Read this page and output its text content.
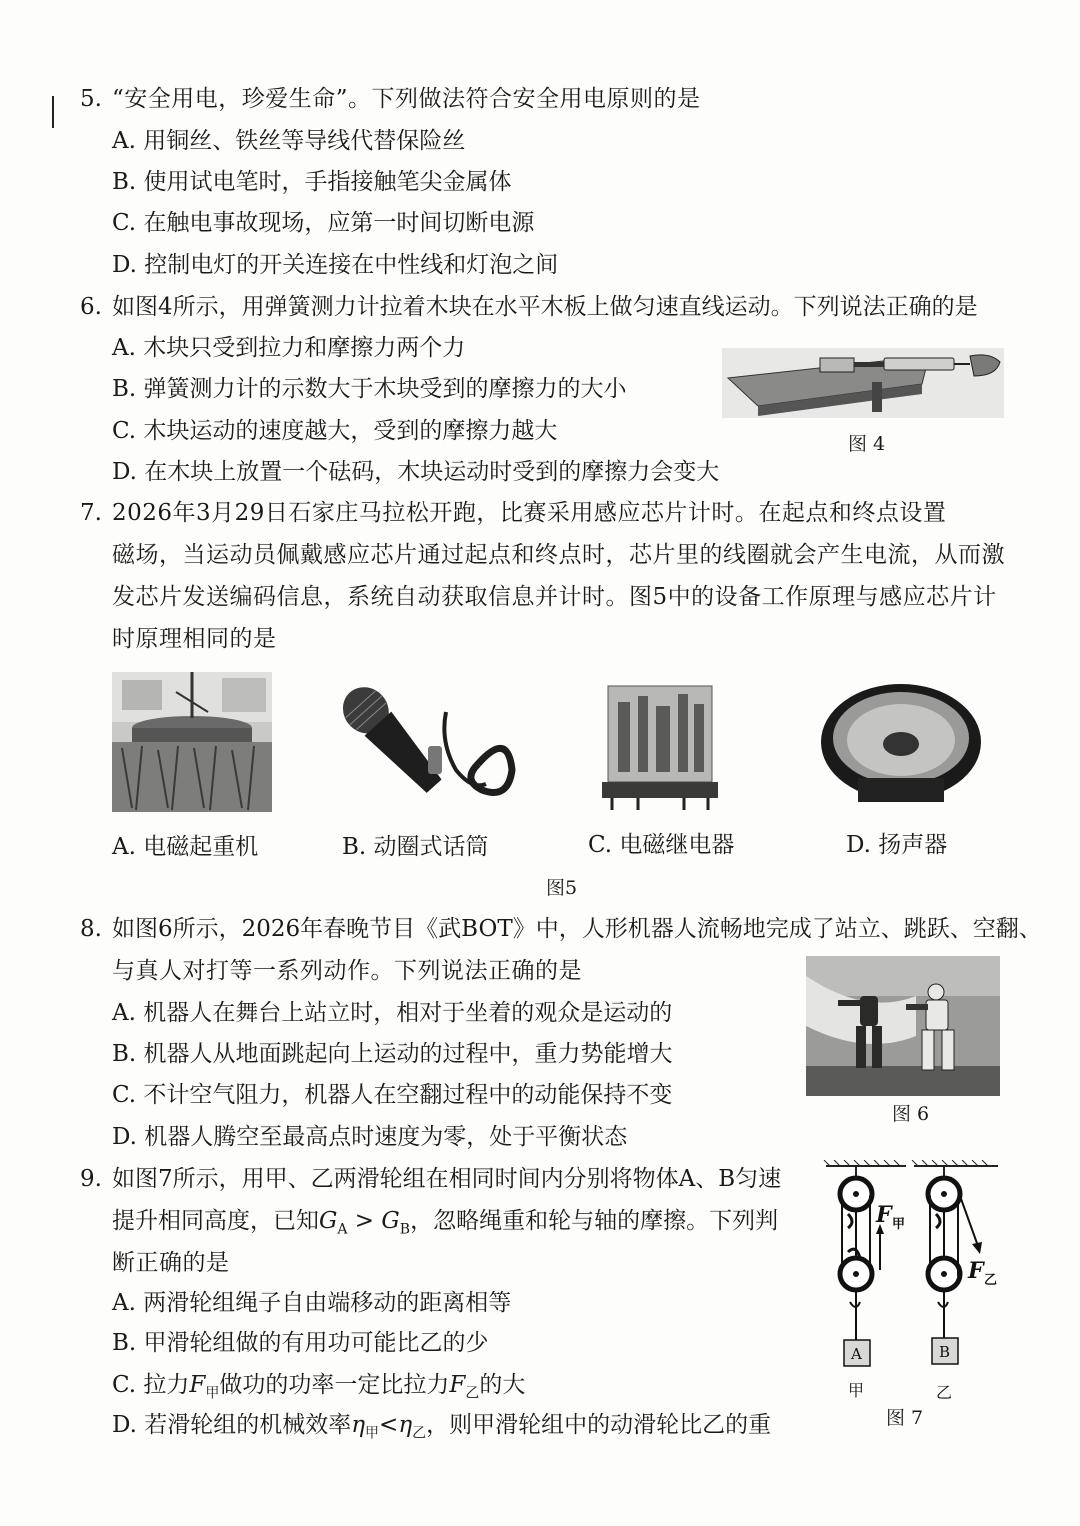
5. “安全用电，珍爱生命”。下列做法符合安全用电原则的是
A. 用铜丝、铁丝等导线代替保险丝
B. 使用试电笔时，手指接触笔尖金属体
C. 在触电事故现场，应第一时间切断电源
D. 控制电灯的开关连接在中性线和灯泡之间
6. 如图4所示，用弹簧测力计拉着木块在水平木板上做匀速直线运动。下列说法正确的是
A. 木块只受到拉力和摩擦力两个力
B. 弹簧测力计的示数大于木块受到的摩擦力的大小
C. 木块运动的速度越大，受到的摩擦力越大
D. 在木块上放置一个砝码，木块运动时受到的摩擦力会变大
图 4
7. 2026年3月29日石家庄马拉松开跑，比赛采用感应芯片计时。在起点和终点设置
磁场，当运动员佩戴感应芯片通过起点和终点时，芯片里的线圈就会产生电流，从而激
发芯片发送编码信息，系统自动获取信息并计时。图5中的设备工作原理与感应芯片计
时原理相同的是
A. 电磁起重机	B. 动圈式话筒	C. 电磁继电器	D. 扬声器
图5
8. 如图6所示，2026年春晚节目《武BOT》中，人形机器人流畅地完成了站立、跳跃、空翻、
与真人对打等一系列动作。下列说法正确的是
A. 机器人在舞台上站立时，相对于坐着的观众是运动的
B. 机器人从地面跳起向上运动的过程中，重力势能增大
C. 不计空气阻力，机器人在空翻过程中的动能保持不变
D. 机器人腾空至最高点时速度为零，处于平衡状态
图 6
9. 如图7所示，用甲、乙两滑轮组在相同时间内分别将物体A、B匀速
提升相同高度，已知$G_A > G_B$，忽略绳重和轮与轴的摩擦。下列判
断正确的是
A. 两滑轮组绳子自由端移动的距离相等
B. 甲滑轮组做的有用功可能比乙的少
C. 拉力$F_甲$做功的功率一定比拉力$F_乙$的大
D. 若滑轮组的机械效率$\eta_甲<\eta_乙$，则甲滑轮组中的动滑轮比乙的重
F 甲
A
甲
F 乙
B
乙
图 7
